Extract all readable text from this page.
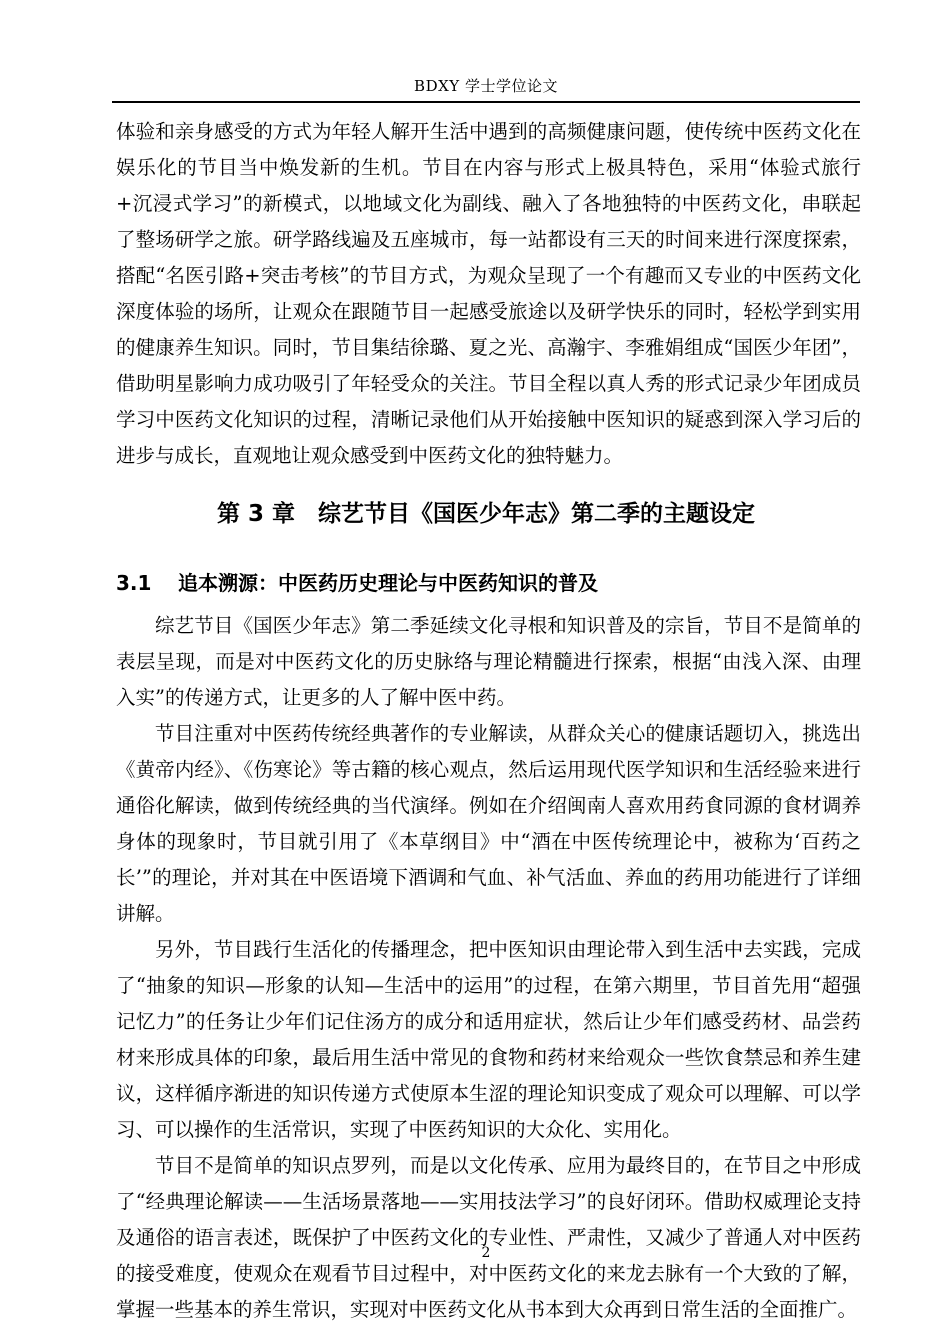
BDXY 学士学位论文

体验和亲身感受的方式为年轻人解开生活中遇到的高频健康问题，使传统中医药文化在娱乐化的节目当中焕发新的生机。节目在内容与形式上极具特色，采用“体验式旅行+沉浸式学习”的新模式，以地域文化为副线、融入了各地独特的中医药文化，串联起了整场研学之旅。研学路线遍及五座城市，每一站都设有三天的时间来进行深度探索，搭配“名医引路+突击考核”的节目方式，为观众呈现了一个有趣而又专业的中医药文化深度体验的场所，让观众在跟随节目一起感受旅途以及研学快乐的同时，轻松学到实用的健康养生知识。同时，节目集结徐璐、夏之光、高瀚宇、李雅娟组成“国医少年团”，借助明星影响力成功吸引了年轻受众的关注。节目全程以真人秀的形式记录少年团成员学习中医药文化知识的过程，清晰记录他们从开始接触中医知识的疑惑到深入学习后的进步与成长，直观地让观众感受到中医药文化的独特魅力。

第 3 章　综艺节目《国医少年志》第二季的主题设定
3.1 追本溯源：中医药历史理论与中医药知识的普及

综艺节目《国医少年志》第二季延续文化寻根和知识普及的宗旨，节目不是简单的表层呈现，而是对中医药文化的历史脉络与理论精髓进行探索，根据“由浅入深、由理入实”的传递方式，让更多的人了解中医中药。

节目注重对中医药传统经典著作的专业解读，从群众关心的健康话题切入，挑选出《黄帝内经》、《伤寒论》等古籍的核心观点，然后运用现代医学知识和生活经验来进行通俗化解读，做到传统经典的当代演绎。例如在介绍闽南人喜欢用药食同源的食材调养身体的现象时，节目就引用了《本草纲目》中“酒在中医传统理论中，被称为‘百药之长’”的理论，并对其在中医语境下酒调和气血、补气活血、养血的药用功能进行了详细讲解。

另外，节目践行生活化的传播理念，把中医知识由理论带入到生活中去实践，完成了“抽象的知识—形象的认知—生活中的运用”的过程，在第六期里，节目首先用“超强记忆力”的任务让少年们记住汤方的成分和适用症状，然后让少年们感受药材、品尝药材来形成具体的印象，最后用生活中常见的食物和药材来给观众一些饮食禁忌和养生建议，这样循序渐进的知识传递方式使原本生涩的理论知识变成了观众可以理解、可以学习、可以操作的生活常识，实现了中医药知识的大众化、实用化。

节目不是简单的知识点罗列，而是以文化传承、应用为最终目的，在节目之中形成了“经典理论解读——生活场景落地——实用技法学习”的良好闭环。借助权威理论支持及通俗的语言表述，既保护了中医药文化的专业性、严肃性，又减少了普通人对中医药的接受难度，使观众在观看节目过程中，对中医药文化的来龙去脉有一个大致的了解，掌握一些基本的养生常识，实现对中医药文化从书本到大众再到日常生活的全面推广。

2
